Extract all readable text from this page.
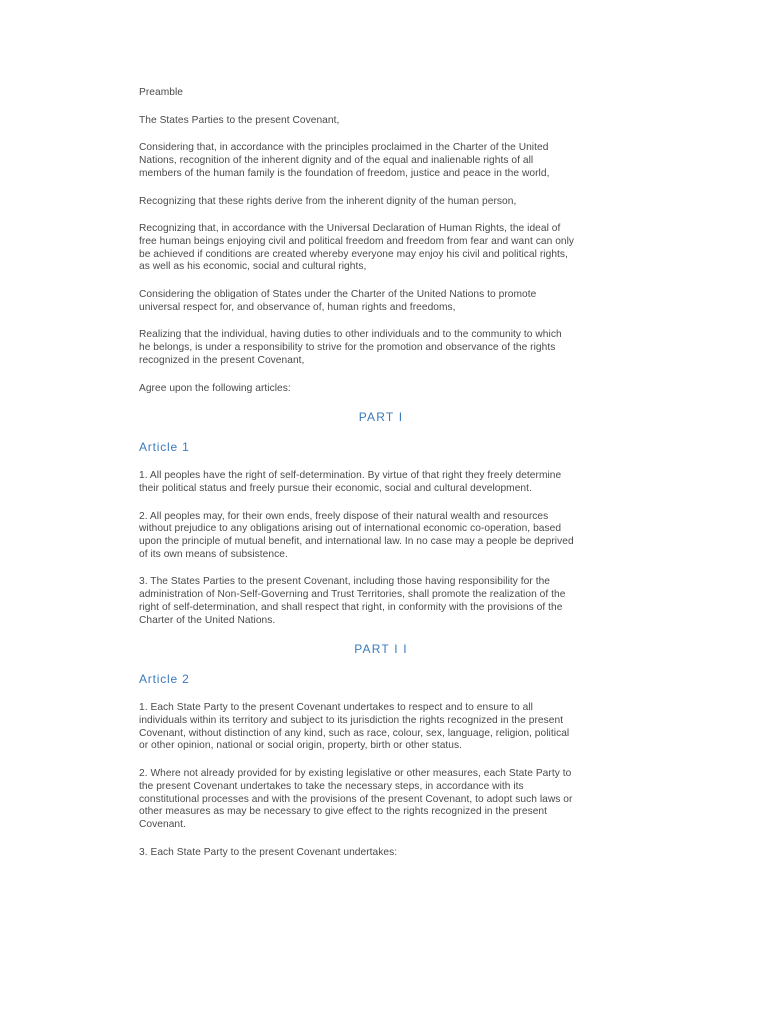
Preamble

The States Parties to the present Covenant,

Considering that, in accordance with the principles proclaimed in the Charter of the United

Nations, recognition of the inherent dignity and of the equal and inalienable rights of all

members of the human family is the foundation of freedom, justice and peace in the world,

Recognizing that these rights derive from the inherent dignity of the human person,

Recognizing that, in accordance with the Universal Declaration of Human Rights, the ideal of

free human beings enjoying civil and political freedom and freedom from fear and want can only

be achieved if conditions are created whereby everyone may enjoy his civil and political rights,

as well as his economic, social and cultural rights,

Considering the obligation of States under the Charter of the United Nations to promote

universal respect for, and observance of, human rights and freedoms,

Realizing that the individual, having duties to other individuals and to the community to which

he belongs, is under a responsibility to strive for the promotion and observance of the rights

recognized in the present Covenant,

Agree upon the following articles:

PART I

Article 1

1. All peoples have the right of self-determination. By virtue of that right they freely determine

their political status and freely pursue their economic, social and cultural development.

2. All peoples may, for their own ends, freely dispose of their natural wealth and resources

without prejudice to any obligations arising out of international economic co-operation, based

upon the principle of mutual benefit, and international law. In no case may a people be deprived

of its own means of subsistence.

3. The States Parties to the present Covenant, including those having responsibility for the

administration of Non-Self-Governing and Trust Territories, shall promote the realization of the

right of self-determination, and shall respect that right, in conformity with the provisions of the

Charter of the United Nations.

PART I I

Article 2

1. Each State Party to the present Covenant undertakes to respect and to ensure to all

individuals within its territory and subject to its jurisdiction the rights recognized in the present

Covenant, without distinction of any kind, such as race, colour, sex, language, religion, political

or other opinion, national or social origin, property, birth or other status.

2. Where not already provided for by existing legislative or other measures, each State Party to

the present Covenant undertakes to take the necessary steps, in accordance with its

constitutional processes and with the provisions of the present Covenant, to adopt such laws or

other measures as may be necessary to give effect to the rights recognized in the present

Covenant.

3. Each State Party to the present Covenant undertakes:
